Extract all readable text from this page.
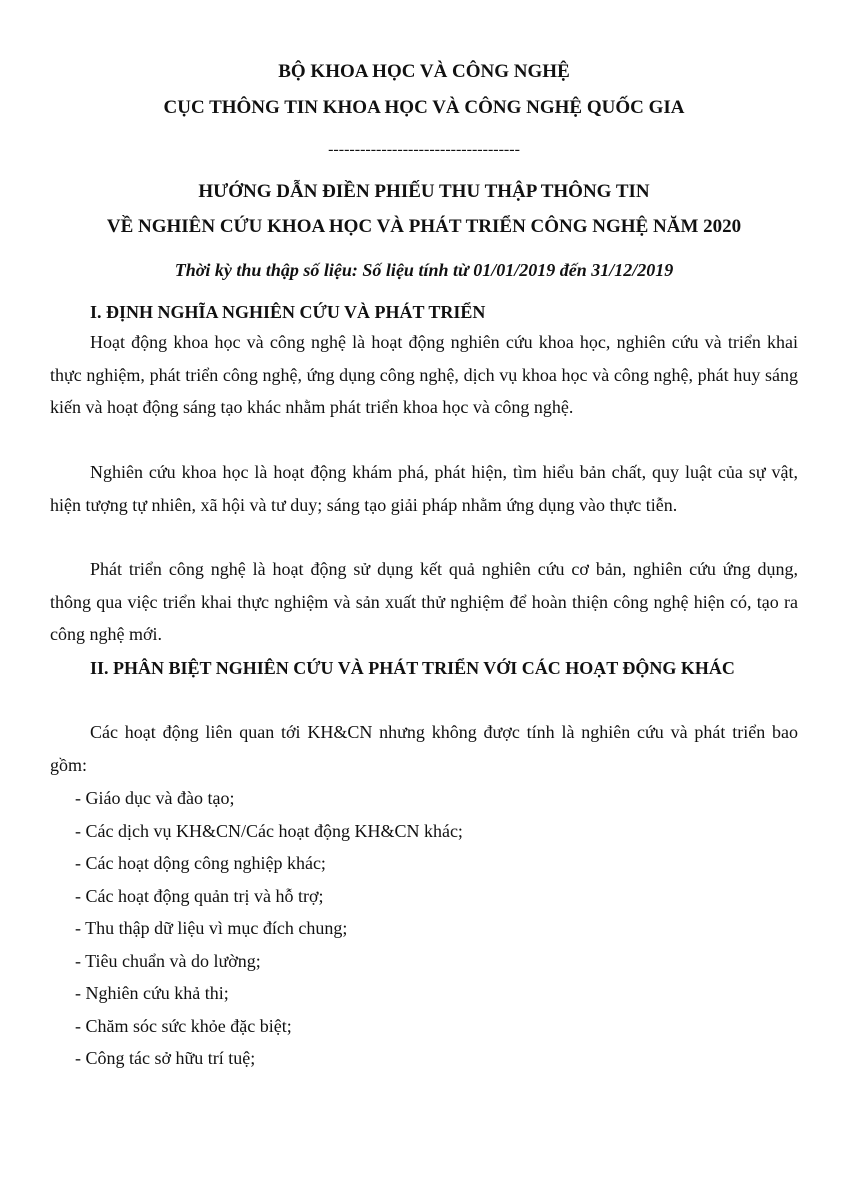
BỘ KHOA HỌC VÀ CÔNG NGHỆ
CỤC THÔNG TIN KHOA HỌC VÀ CÔNG NGHỆ QUỐC GIA
------------------------------------
HƯỚNG DẪN ĐIỀN PHIẾU THU THẬP THÔNG TIN
VỀ NGHIÊN CỨU KHOA HỌC VÀ PHÁT TRIỂN CÔNG NGHỆ NĂM 2020
Thời kỳ thu thập số liệu: Số liệu tính từ 01/01/2019 đến 31/12/2019
I. ĐỊNH NGHĨA NGHIÊN CỨU VÀ PHÁT TRIỂN
Hoạt động khoa học và công nghệ là hoạt động nghiên cứu khoa học, nghiên cứu và triển khai thực nghiệm, phát triển công nghệ, ứng dụng công nghệ, dịch vụ khoa học và công nghệ, phát huy sáng kiến và hoạt động sáng tạo khác nhằm phát triển khoa học và công nghệ.
Nghiên cứu khoa học là hoạt động khám phá, phát hiện, tìm hiểu bản chất, quy luật của sự vật, hiện tượng tự nhiên, xã hội và tư duy; sáng tạo giải pháp nhằm ứng dụng vào thực tiễn.
Phát triển công nghệ là hoạt động sử dụng kết quả nghiên cứu cơ bản, nghiên cứu ứng dụng, thông qua việc triển khai thực nghiệm và sản xuất thử nghiệm để hoàn thiện công nghệ hiện có, tạo ra công nghệ mới.
II. PHÂN BIỆT NGHIÊN CỨU VÀ PHÁT TRIỂN VỚI CÁC HOẠT ĐỘNG KHÁC
Các hoạt động liên quan tới KH&CN nhưng không được tính là nghiên cứu và phát triển bao gồm:
- Giáo dục và đào tạo;
- Các dịch vụ KH&CN/Các hoạt động KH&CN khác;
- Các hoạt dộng công nghiệp khác;
- Các hoạt động quản trị và hỗ trợ;
- Thu thập dữ liệu vì mục đích chung;
- Tiêu chuẩn và do lường;
- Nghiên cứu khả thi;
- Chăm sóc sức khỏe đặc biệt;
- Công tác sở hữu trí tuệ;
